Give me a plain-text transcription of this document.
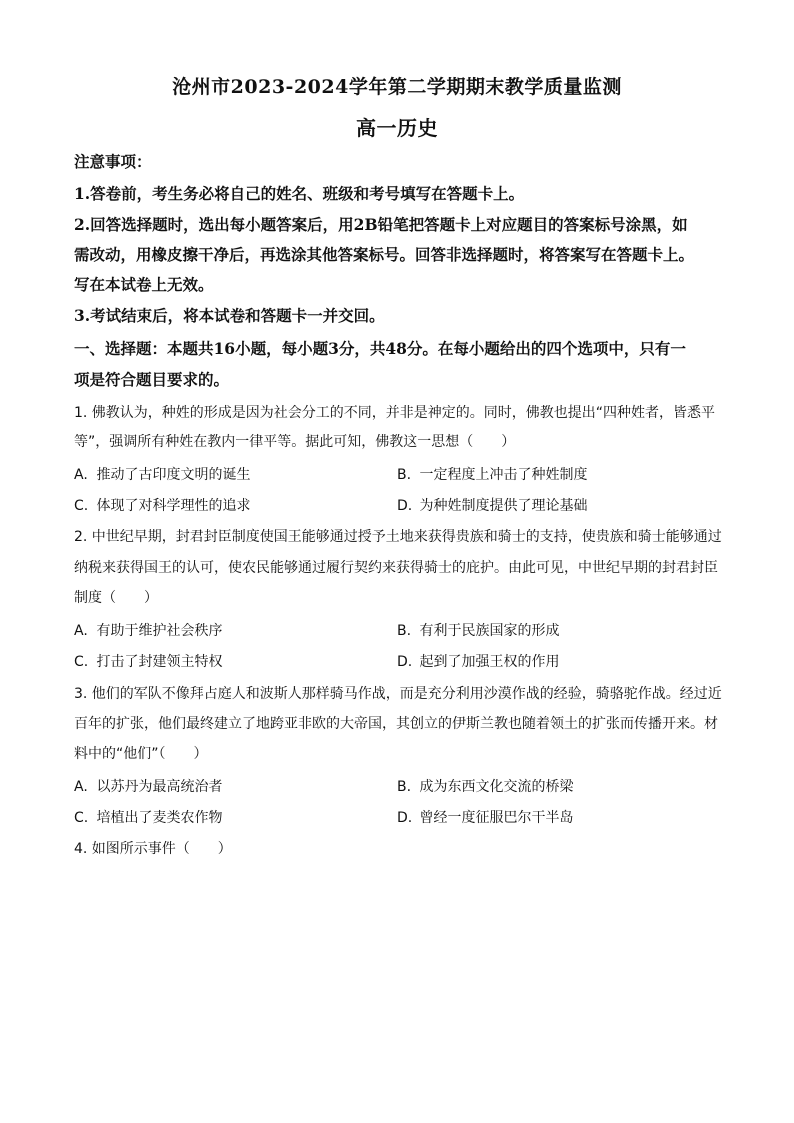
沧州市2023-2024学年第二学期期末教学质量监测
高一历史
注意事项：
1.答卷前，考生务必将自己的姓名、班级和考号填写在答题卡上。
2.回答选择题时，选出每小题答案后，用2B铅笔把答题卡上对应题目的答案标号涂黑，如
需改动，用橡皮擦干净后，再选涂其他答案标号。回答非选择题时，将答案写在答题卡上。
写在本试卷上无效。
3.考试结束后，将本试卷和答题卡一并交回。
一、选择题：本题共16小题，每小题3分，共48分。在每小题给出的四个选项中，只有一
项是符合题目要求的。
1. 佛教认为，种姓的形成是因为社会分工的不同，并非是神定的。同时，佛教也提出“四种姓者，皆悉平
等”，强调所有种姓在教内一律平等。据此可知，佛教这一思想（　　）
A. 推动了古印度文明的诞生	B. 一定程度上冲击了种姓制度
C. 体现了对科学理性的追求	D. 为种姓制度提供了理论基础
2. 中世纪早期，封君封臣制度使国王能够通过授予土地来获得贵族和骑士的支持，使贵族和骑士能够通过
纳税来获得国王的认可，使农民能够通过履行契约来获得骑士的庇护。由此可见，中世纪早期的封君封臣
制度（　　）
A. 有助于维护社会秩序	B. 有利于民族国家的形成
C. 打击了封建领主特权	D. 起到了加强王权的作用
3. 他们的军队不像拜占庭人和波斯人那样骑马作战，而是充分利用沙漠作战的经验，骑骆驼作战。经过近
百年的扩张，他们最终建立了地跨亚非欧的大帝国，其创立的伊斯兰教也随着领土的扩张而传播开来。材
料中的“他们”（　　）
A. 以苏丹为最高统治者	B. 成为东西文化交流的桥梁
C. 培植出了麦类农作物	D. 曾经一度征服巴尔干半岛
4. 如图所示事件（　　）
